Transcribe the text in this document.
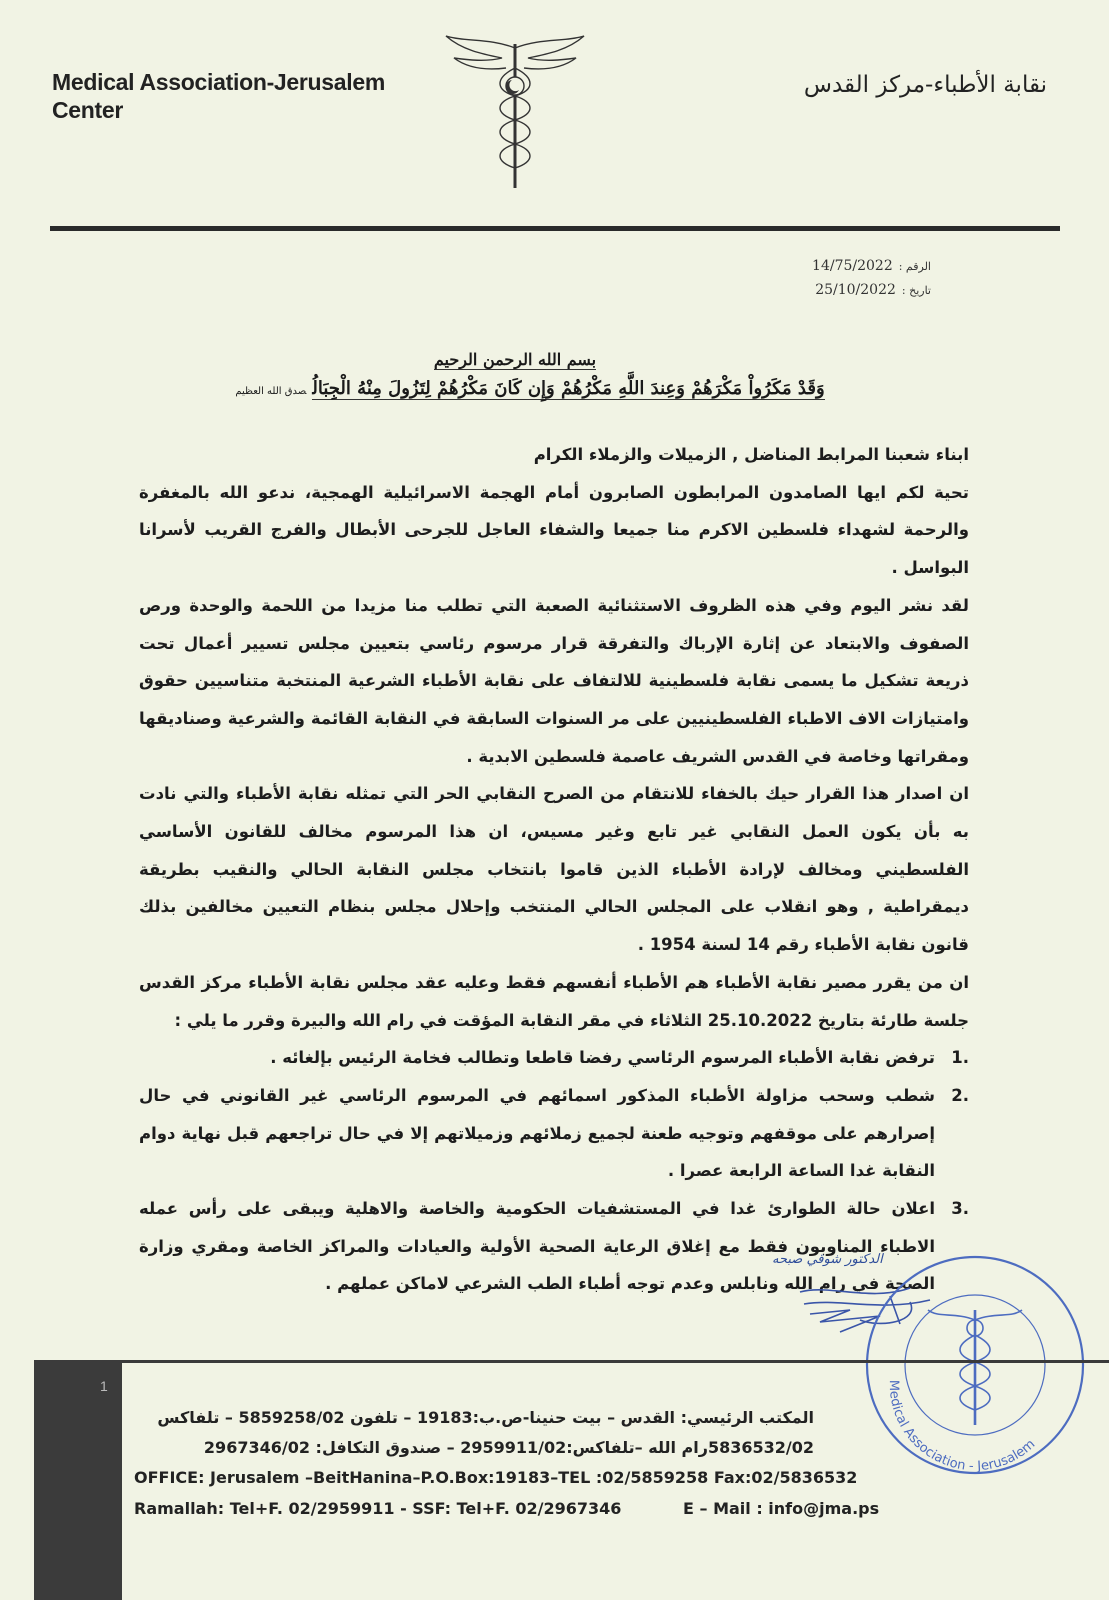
Medical Association-Jerusalem
Center
نقابة الأطباء-مركز القدس
الرقم :14/75/2022
تاريخ :25/10/2022
بسم الله الرحمن الرحيم
وَقَدْ مَكَرُواْ مَكْرَهُمْ وَعِندَ اللَّهِ مَكْرُهُمْ وَإِن كَانَ مَكْرُهُمْ لِتَزُولَ مِنْهُ الْجِبَالُصدق الله العظيم

ابناء شعبنا المرابط المناضل , الزميلات والزملاء الكرام

تحية لكم ايها الصامدون المرابطون الصابرون أمام الهجمة الاسرائيلية الهمجية، ندعو الله بالمغفرة والرحمة لشهداء فلسطين الاكرم منا جميعا والشفاء العاجل للجرحى الأبطال والفرج القريب لأسرانا البواسل .

لقد نشر اليوم وفي هذه الظروف الاستثنائية الصعبة التي تطلب منا مزيدا من اللحمة والوحدة ورص الصفوف والابتعاد عن إثارة الإرباك والتفرقة قرار مرسوم رئاسي بتعيين مجلس تسيير أعمال تحت ذريعة تشكيل ما يسمى نقابة فلسطينية للالتفاف على نقابة الأطباء الشرعية المنتخبة متناسيين حقوق وامتيازات الاف الاطباء الفلسطينيين على مر السنوات السابقة في النقابة القائمة والشرعية وصناديقها ومقراتها وخاصة في القدس الشريف عاصمة فلسطين الابدية .

ان اصدار هذا القرار حيك بالخفاء للانتقام من الصرح النقابي الحر التي تمثله نقابة الأطباء والتي نادت به بأن يكون العمل النقابي غير تابع وغير مسيس، ان هذا المرسوم مخالف للقانون الأساسي الفلسطيني ومخالف لإرادة الأطباء الذين قاموا بانتخاب مجلس النقابة الحالي والنقيب بطريقة ديمقراطية , وهو انقلاب على المجلس الحالي المنتخب وإحلال مجلس بنظام التعيين مخالفين بذلك قانون نقابة الأطباء رقم 14 لسنة 1954 .

ان من يقرر مصير نقابة الأطباء هم الأطباء أنفسهم فقط وعليه عقد مجلس نقابة الأطباء مركز القدس جلسة طارئة بتاريخ 25.10.2022 الثلاثاء في مقر النقابة المؤقت في رام الله والبيرة وقرر ما يلي :

.1
ترفض نقابة الأطباء المرسوم الرئاسي رفضا قاطعا وتطالب فخامة الرئيس بإلغائه .
.2
شطب وسحب مزاولة الأطباء المذكور اسمائهم في المرسوم الرئاسي غير القانوني في حال إصرارهم على موقفهم وتوجيه طعنة لجميع زملائهم وزميلاتهم إلا في حال تراجعهم قبل نهاية دوام النقابة غدا الساعة الرابعة عصرا .
.3
اعلان حالة الطوارئ غدا في المستشفيات الحكومية والخاصة والاهلية ويبقى على رأس عمله الاطباء المناوبون فقط مع إغلاق الرعاية الصحية الأولية والعيادات والمراكز الخاصة ومقري وزارة الصحة في رام الله ونابلس وعدم توجه أطباء الطب الشرعي لاماكن عملهم .
الدكتور شوقي صبحه
Medical Association - Jerusalem
1
المكتب الرئيسي: القدس – بيت حنينا-ص.ب:19183 – تلفون 5859258/02 – تلفاكس
5836532/02رام الله –تلفاكس:2959911/02 – صندوق التكافل: 2967346/02
OFFICE: Jerusalem –BeitHanina–P.O.Box:19183–TEL :02/5859258 Fax:02/5836532
Ramallah: Tel+F. 02/2959911 - SSF: Tel+F. 02/2967346	E – Mail : info@jma.ps
